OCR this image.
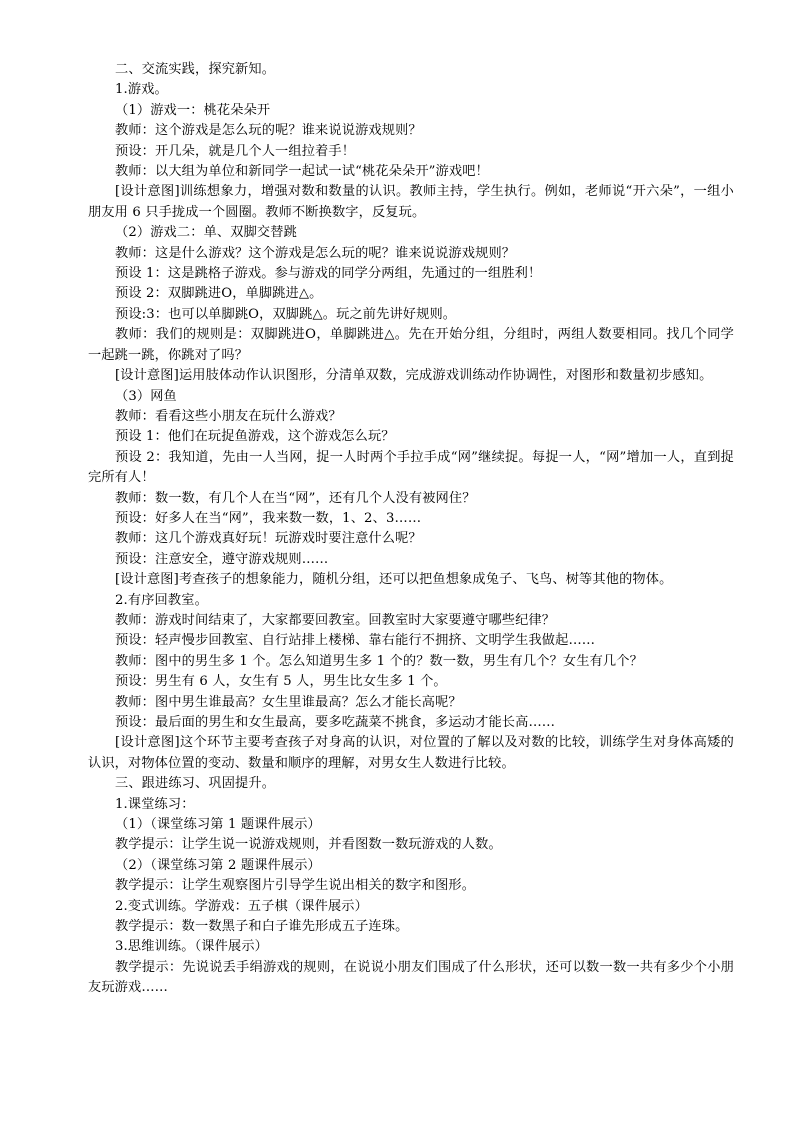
二、交流实践，探究新知。

1.游戏。

（1）游戏一：桃花朵朵开

教师：这个游戏是怎么玩的呢？谁来说说游戏规则？

预设：开几朵，就是几个人一组拉着手！

教师：以大组为单位和新同学一起试一试“桃花朵朵开”游戏吧！

[设计意图]训练想象力，增强对数和数量的认识。教师主持，学生执行。例如，老师说“开六朵”，一组小朋友用 6 只手拢成一个圆圈。教师不断换数字，反复玩。

（2）游戏二：单、双脚交替跳

教师：这是什么游戏？这个游戏是怎么玩的呢？谁来说说游戏规则？

预设 1：这是跳格子游戏。参与游戏的同学分两组，先通过的一组胜利！

预设 2：双脚跳进O，单脚跳进△。

预设:3：也可以单脚跳O，双脚跳△。玩之前先讲好规则。

教师：我们的规则是：双脚跳进O，单脚跳进△。先在开始分组，分组时，两组人数要相同。找几个同学一起跳一跳，你跳对了吗？

[设计意图]运用肢体动作认识图形，分清单双数，完成游戏训练动作协调性，对图形和数量初步感知。

（3）网鱼

教师：看看这些小朋友在玩什么游戏？

预设 1：他们在玩捉鱼游戏，这个游戏怎么玩？

预设 2：我知道，先由一人当网，捉一人时两个手拉手成“网”继续捉。每捉一人，“网”增加一人，直到捉完所有人！

教师：数一数，有几个人在当“网”，还有几个人没有被网住？

预设：好多人在当“网”，我来数一数，1、2、3……

教师：这几个游戏真好玩！玩游戏时要注意什么呢？

预设：注意安全，遵守游戏规则……

[设计意图]考查孩子的想象能力，随机分组，还可以把鱼想象成兔子、飞鸟、树等其他的物体。

2.有序回教室。

教师：游戏时间结束了，大家都要回教室。回教室时大家要遵守哪些纪律？

预设：轻声慢步回教室、自行站排上楼梯、靠右能行不拥挤、文明学生我做起……

教师：图中的男生多 1 个。怎么知道男生多 1 个的？数一数，男生有几个？女生有几个？

预设：男生有 6 人，女生有 5 人，男生比女生多 1 个。

教师：图中男生谁最高？女生里谁最高？怎么才能长高呢？

预设：最后面的男生和女生最高，要多吃蔬菜不挑食，多运动才能长高……

[设计意图]这个环节主要考查孩子对身高的认识，对位置的了解以及对数的比较，训练学生对身体高矮的认识，对物体位置的变动、数量和顺序的理解，对男女生人数进行比较。

三、跟进练习、巩固提升。

1.课堂练习：

（1）（课堂练习第 1 题课件展示）

教学提示：让学生说一说游戏规则，并看图数一数玩游戏的人数。

（2）（课堂练习第 2 题课件展示）

教学提示：让学生观察图片引导学生说出相关的数字和图形。

2.变式训练。学游戏：五子棋（课件展示）

教学提示：数一数黑子和白子谁先形成五子连珠。

3.思维训练。（课件展示）

教学提示：先说说丢手绢游戏的规则，在说说小朋友们围成了什么形状，还可以数一数一共有多少个小朋友玩游戏……
